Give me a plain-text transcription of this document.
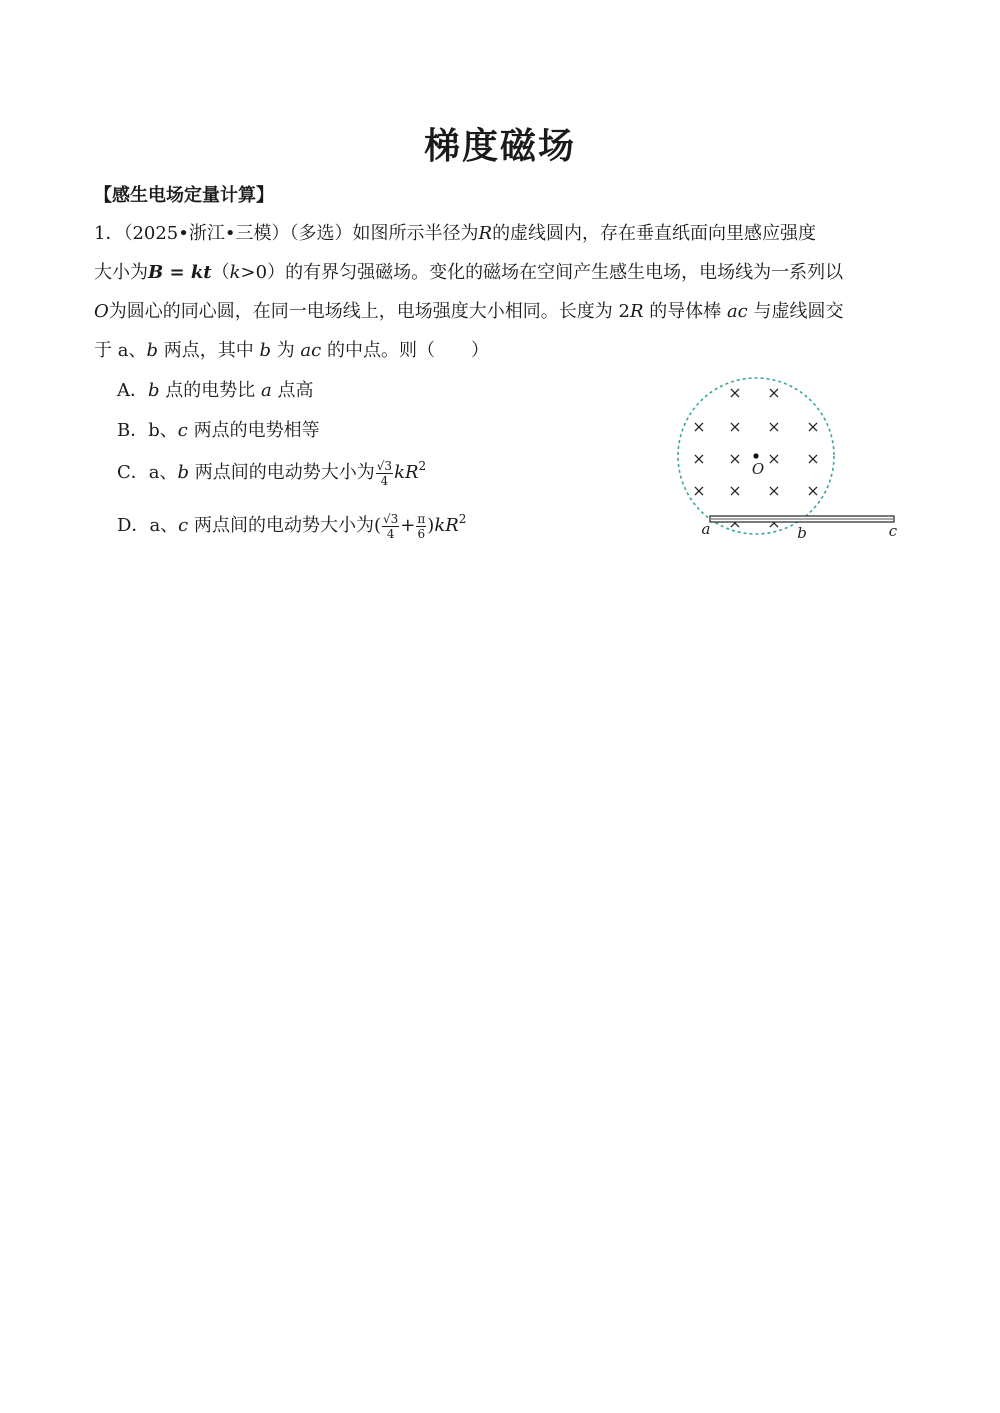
梯度磁场
【感生电场定量计算】
1．（2025•浙江•三模）（多选）如图所示半径为R的虚线圆内，存在垂直纸面向里感应强度
大小为B = kt（k>0）的有界匀强磁场。变化的磁场在空间产生感生电场，电场线为一系列以
O为圆心的同心圆，在同一电场线上，电场强度大小相同。长度为 2R 的导体棒 ac 与虚线圆交
于 a、b 两点，其中 b 为 ac 的中点。则（　　）
A．b 点的电势比 a 点高
B．b、c 两点的电势相等
C．a、b 两点间的电动势大小为 $\frac{√3}{4} kR^2$
D．a、c 两点间的电动势大小为( $\frac{√3}{4} + \frac{\pi}{6} )kR^2$
× ×
× × × ×
× × × ×
× × × ×
O
a	b	c
